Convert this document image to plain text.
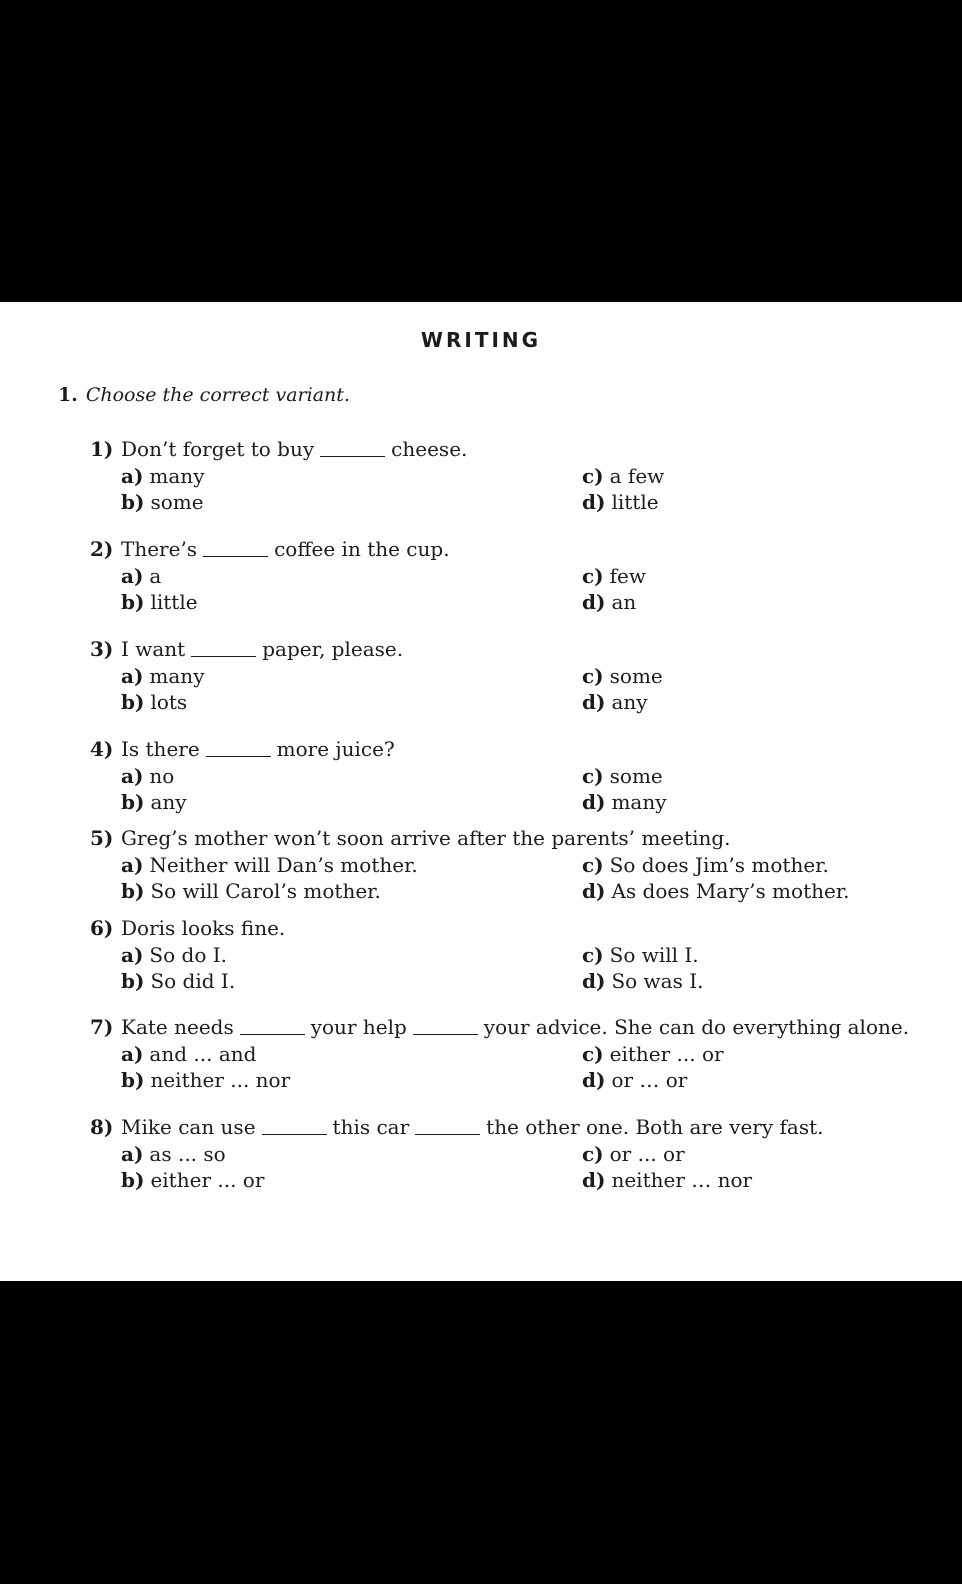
WRITING
1. Choose the correct variant.
1) Don’t forget to buy	cheese.
a) many
b) some
c) a few
d) little
2) There’s	coffee in the cup.
a) a
b) little
c) few
d) an
3) I want	paper, please.
a) many
b) lots
c) some
d) any
4) Is there	more juice?
a) no
b) any
c) some
d) many
5) Greg’s mother won’t soon arrive after the parents’ meeting.
a) Neither will Dan’s mother.
b) So will Carol’s mother.
c) So does Jim’s mother.
d) As does Mary’s mother.
6) Doris looks fine.
a) So do I.
b) So did I.
c) So will I.
d) So was I.
7) Kate needs	your help	your advice. She can do everything alone.
a) and ... and
b) neither ... nor
c) either ... or
d) or … or
8) Mike can use	this car	the other one. Both are very fast.
a) as ... so
b) either ... or
c) or ... or
d) neither … nor
